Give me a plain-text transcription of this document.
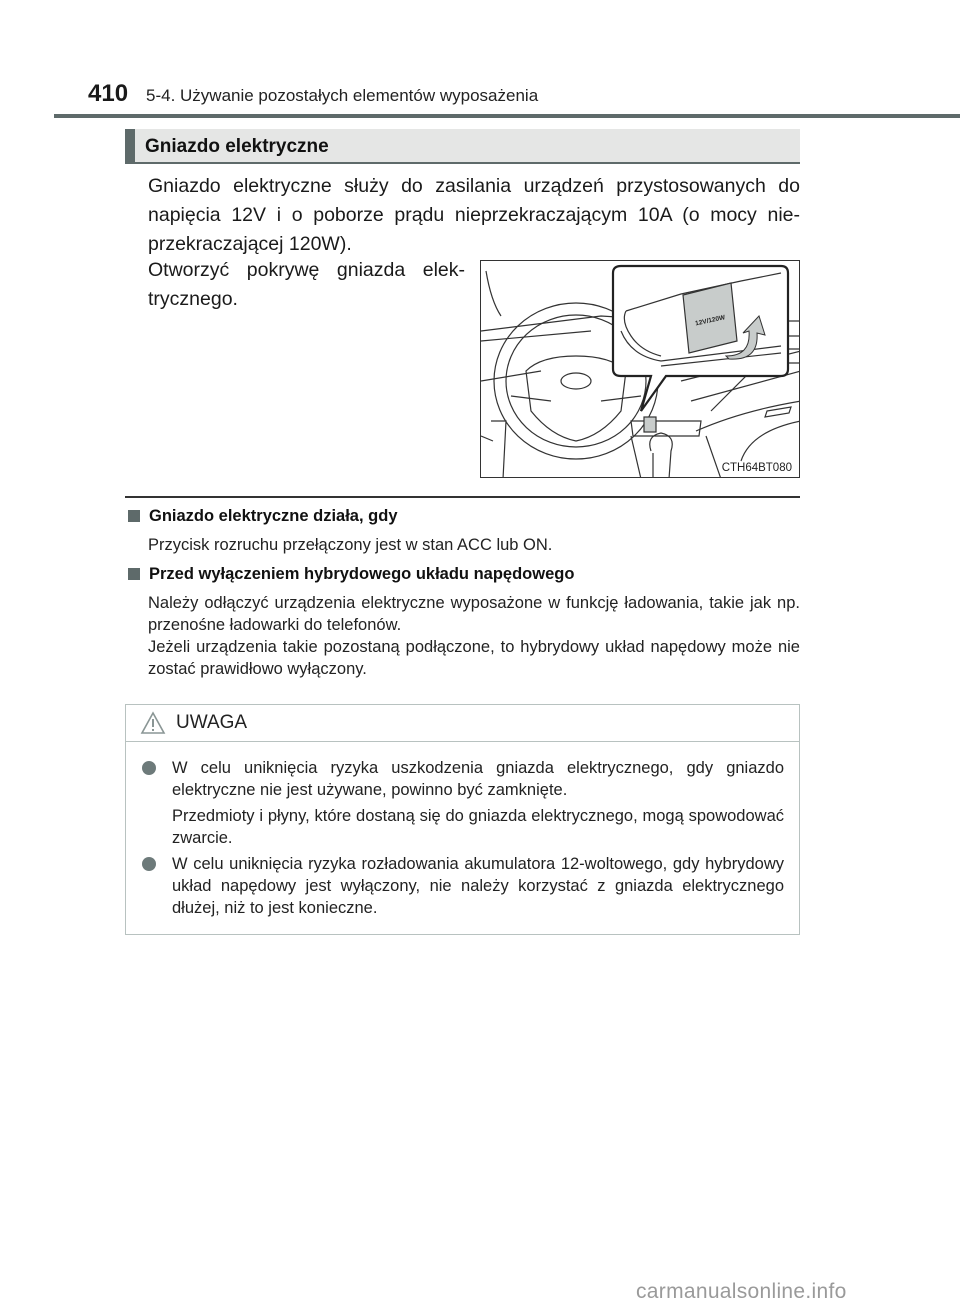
410 5-4. Używanie pozostałych elementów wyposażenia
Gniazdo elektryczne
Gniazdo elektryczne służy do zasilania urządzeń przystosowanych do napięcia 12V i o poborze prądu nieprzekraczającym 10A (o mocy nie-przekraczającej 120W).
Otworzyć pokrywę gniazda elek-trycznego.
12V/120W
CTH64BT080
Gniazdo elektryczne działa, gdy
Przycisk rozruchu przełączony jest w stan ACC lub ON.
Przed wyłączeniem hybrydowego układu napędowego
Należy odłączyć urządzenia elektryczne wyposażone w funkcję ładowania, takie jak np. przenośne ładowarki do telefonów.
Jeżeli urządzenia takie pozostaną podłączone, to hybrydowy układ napędowy może nie zostać prawidłowo wyłączony.
UWAGA
W celu uniknięcia ryzyka uszkodzenia gniazda elektrycznego, gdy gniazdo elektryczne nie jest używane, powinno być zamknięte.
Przedmioty i płyny, które dostaną się do gniazda elektrycznego, mogą spowodować zwarcie.
W celu uniknięcia ryzyka rozładowania akumulatora 12-woltowego, gdy hybrydowy układ napędowy jest wyłączony, nie należy korzystać z gniazda elektrycznego dłużej, niż to jest konieczne.
carmanualsonline.info
